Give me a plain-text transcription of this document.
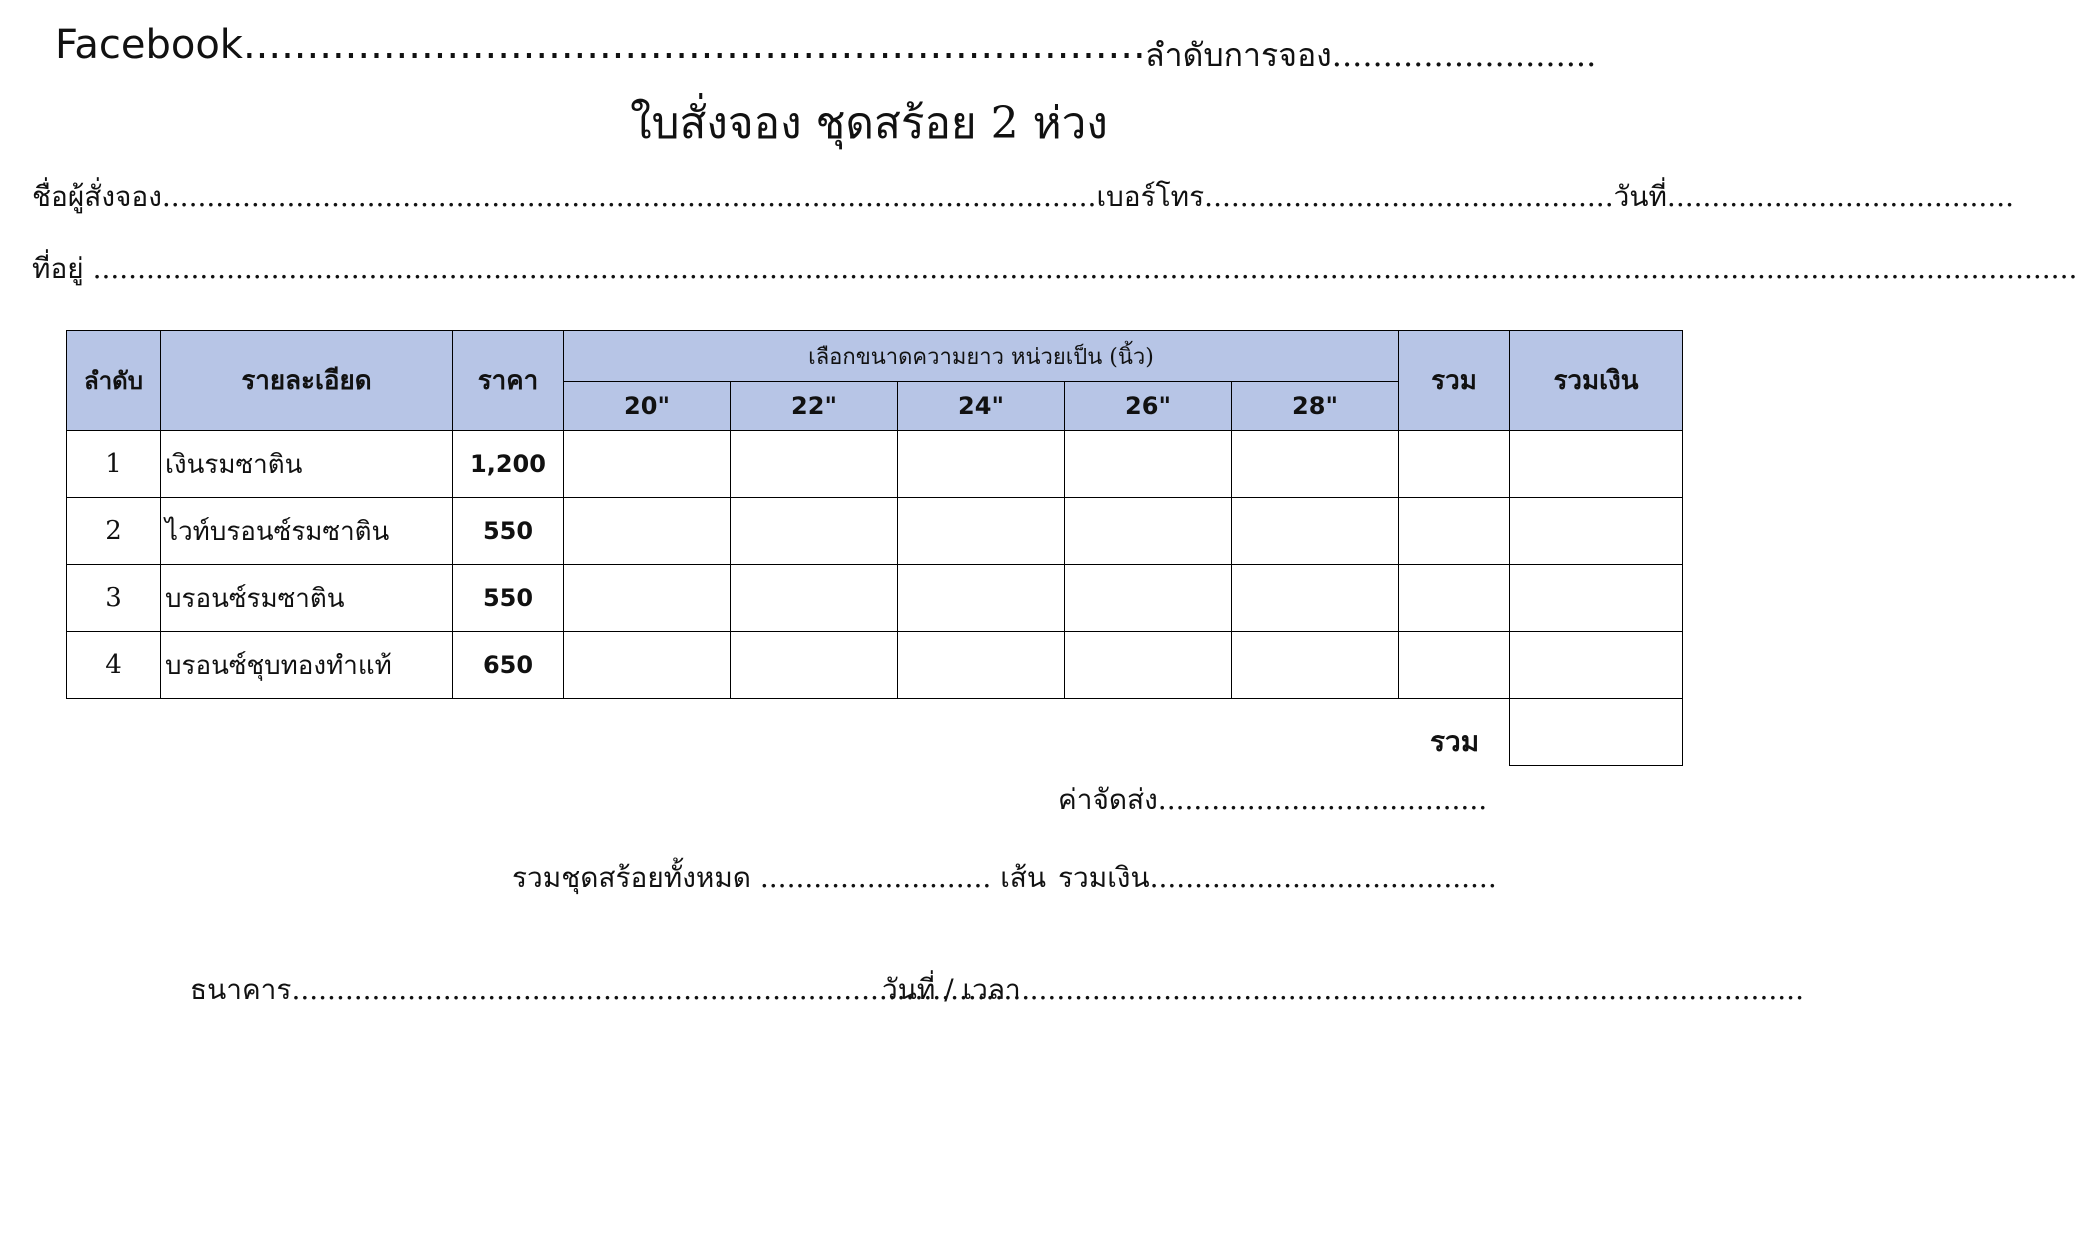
Facebook....................................................................... ลำดับการจอง..........................
ใบสั่งจอง ชุดสร้อย 2 ห่วง
ชื่อผู้สั่งจอง.........................................................................................................เบอร์โทร..............................................วันที่.......................................
ที่อยู่ ...............................................................................................................................................................................................................................
ลำดับ	รายละเอียด	ราคา	เลือกขนาดความยาว หน่วยเป็น (นิ้ว)					รวม	รวมเงิน
			20"	22"	24"	26"	28"		
1	เงินรมซาติน	1,200							
2	ไวท์บรอนซ์รมซาติน	550							
3	บรอนซ์รมซาติน	550							
4	บรอนซ์ชุบทองทำแท้	650							

รวม
ค่าจัดส่ง.....................................
รวมชุดสร้อยทั้งหมด .......................... เส้น รวมเงิน.......................................
ธนาคาร...................................................................................
วันที่ / เวลา .......................................................................................
